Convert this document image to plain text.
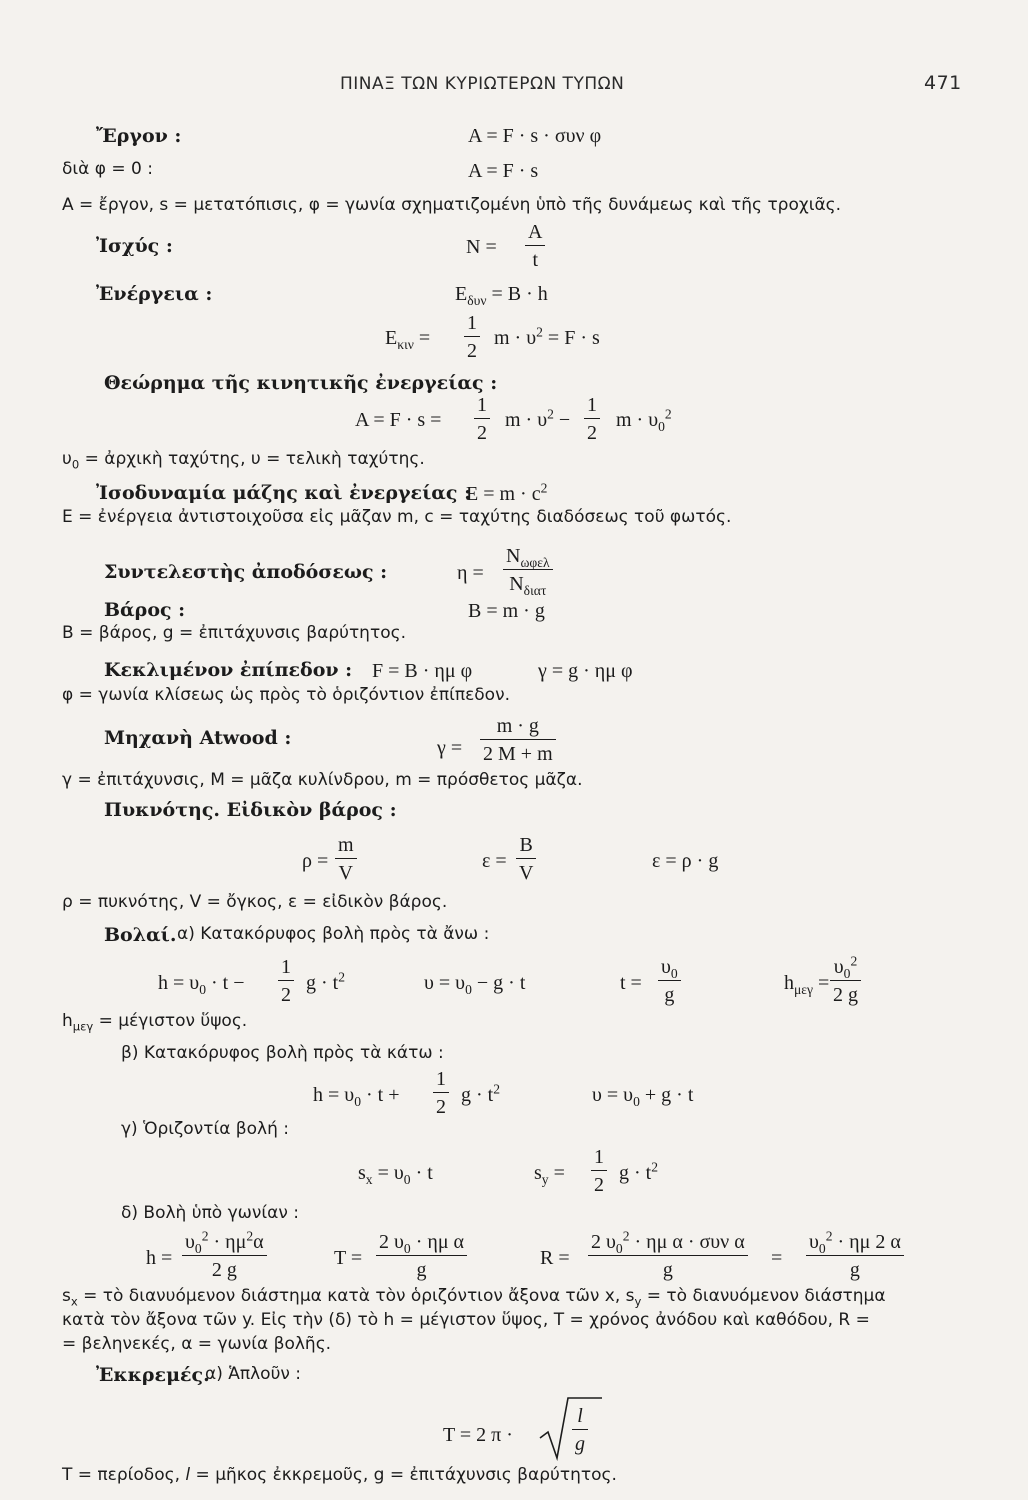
ΠΙΝΑΞ ΤΩΝ ΚΥΡΙΩΤΕΡΩΝ ΤΥΠΩΝ	471
Ἔργον :	A = F · s · συν φ
διὰ φ = 0 :	A = F · s
A = ἔργον, s = μετατόπισις, φ = γωνία σχηματιζομένη ὑπὸ τῆς δυνάμεως καὶ τῆς τροχιᾶς.
Ἰσχύς :	$N = \frac{A}{t}$
Ἐνέργεια :	$E_{\delta\upsilon\nu} = B \cdot h$
$E_{\kappa\iota\nu} = \frac{1}{2}$ $m \cdot \upsilon^2 = F \cdot s$
Θεώρημα τῆς κινητικῆς ἐνεργείας :
$A = F \cdot s = \frac{1}{2}$ $m \cdot \upsilon^2 - \frac{1}{2}$ $m \cdot \upsilon_0^2$
$\upsilon_0$ = ἀρχικὴ ταχύτης, υ = τελικὴ ταχύτης.
Ἰσοδυναμία μάζης καὶ ἐνεργείας :
$E = m \cdot c^2$
E = ἐνέργεια ἀντιστοιχοῦσα εἰς μᾶζαν m, c = ταχύτης διαδόσεως τοῦ φωτός.
Συντελεστὴς ἀποδόσεως :	η =
$N_{\omega\varphi\varepsilon\lambda}$
$N_{\delta\iota\alpha\tau}$
Βάρος :	B = m · g
B = βάρος, g = ἐπιτάχυνσις βαρύτητος.
Κεκλιμένον ἐπίπεδον : F = B · ημ φ	γ = g · ημ φ
φ = γωνία κλίσεως ὡς πρὸς τὸ ὁριζόντιον ἐπίπεδον.
Μηχανὴ Atwood :	$\gamma = \frac{m \cdot g}{2 M + m}$
γ = ἐπιτάχυνσις, M = μᾶζα κυλίνδρου, m = πρόσθετος μᾶζα.
Πυκνότης. Εἰδικὸν βάρος :
$\rho = \frac{m}{V}$	$\varepsilon = \frac{B}{V}$	ε = ρ · g
ρ = πυκνότης, V = ὄγκος, ε = εἰδικὸν βάρος.
Βολαί. α) Κατακόρυφος βολὴ πρὸς τὰ ἄνω :
$h = \upsilon_0 \cdot t - \frac{1}{2}$ $g \cdot t^2$	$\upsilon = \upsilon_0 - g \cdot t$	$t = \frac{\upsilon_0}{g}$	$h_{\mu\varepsilon\gamma} = \frac{\upsilon_0^2}{2 g}$
$h_{\mu\varepsilon\gamma} = \mu έ\gamma\iota\sigma\tau o\nu$ ὕψος.
β) Κατακόρυφος βολὴ πρὸς τὰ κάτω :
$h = \upsilon_0 \cdot t + \frac{1}{2}$ $g \cdot t^2$	$\upsilon = \upsilon_0 + g \cdot t$
γ) Ὁριζοντία βολή :
$s_x = \upsilon_0 \cdot t$	$s_y = \frac{1}{2}$ $g \cdot t^2$
δ) Βολὴ ὑπὸ γωνίαν :
$h = \frac{\upsilon_0^2 \cdot \eta\mu^2\alpha}{2 g}$	$T = \frac{2 \upsilon_0 \cdot \eta\mu \alpha}{g}$	R =
2 $\upsilon_0^2 \cdot \eta\mu$ α · συν α
g
= $\frac{\upsilon_0^2 \cdot \eta\mu 2 \alpha}{g}$
$s_x$ = τὸ διανυόμενον διάστημα κατὰ τὸν ὁριζόντιον ἄξονα τῶν x, $s_y$ = τὸ διανυόμενον διάστημα
κατὰ τὸν ἄξονα τῶν y. Εἰς τὴν (δ) τὸ h = μέγιστον ὕψος, T = χρόνος ἀνόδου καὶ καθόδου, R =
= βεληνεκές, α = γωνία βολῆς.
Ἐκκρεμές.
α) Ἁπλοῦν :
T = 2 π ·	$\frac{l}{g}$
T = περίοδος, l = μῆκος ἐκκρεμοῦς, g = ἐπιτάχυνσις βαρύτητος.
